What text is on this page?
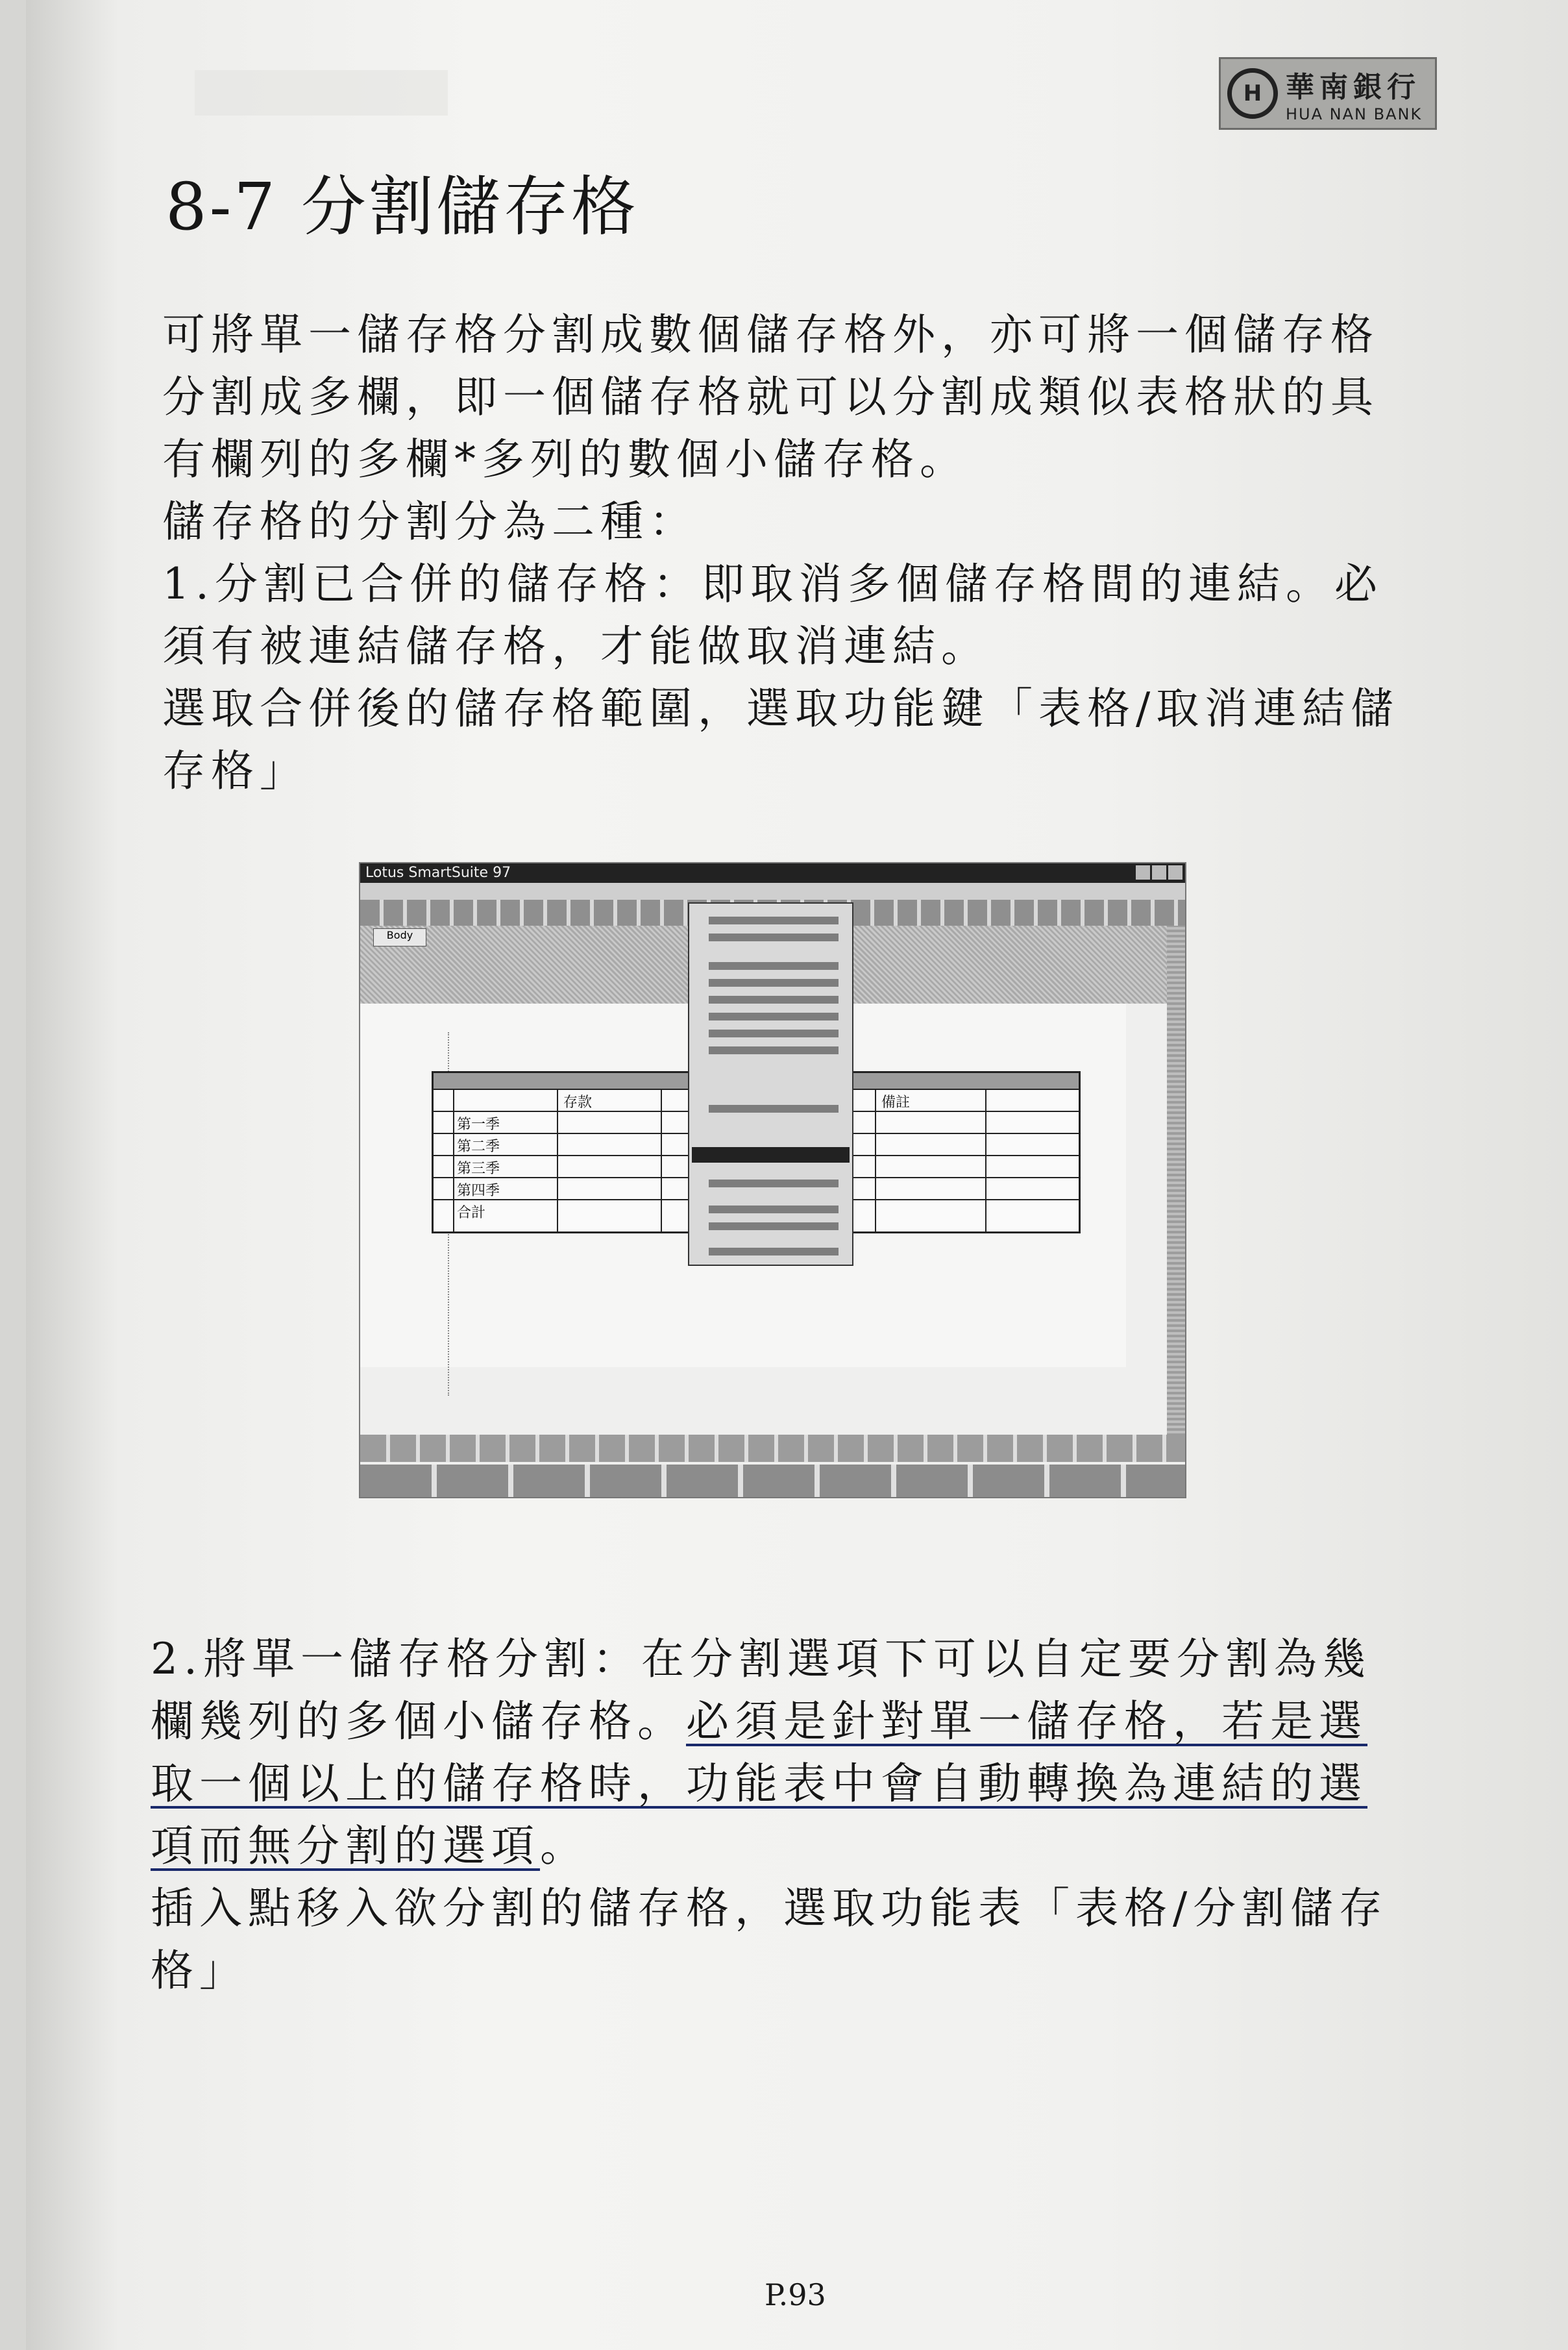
H 華南銀行
HUA NAN BANK
8-7 分割儲存格
可將單一儲存格分割成數個儲存格外，亦可將一個儲存格
分割成多欄，即一個儲存格就可以分割成類似表格狀的具
有欄列的多欄*多列的數個小儲存格。
儲存格的分割分為二種：
1.分割已合併的儲存格：即取消多個儲存格間的連結。必
須有被連結儲存格，才能做取消連結。
選取合併後的儲存格範圍，選取功能鍵「表格/取消連結儲
存格」
Lotus SmartSuite 97
Body
存款	備註
第一季
第二季
第三季
第四季
合計
2.將單一儲存格分割：在分割選項下可以自定要分割為幾
欄幾列的多個小儲存格。必須是針對單一儲存格，若是選
取一個以上的儲存格時，功能表中會自動轉換為連結的選
項而無分割的選項。
插入點移入欲分割的儲存格，選取功能表「表格/分割儲存
格」
P.93
